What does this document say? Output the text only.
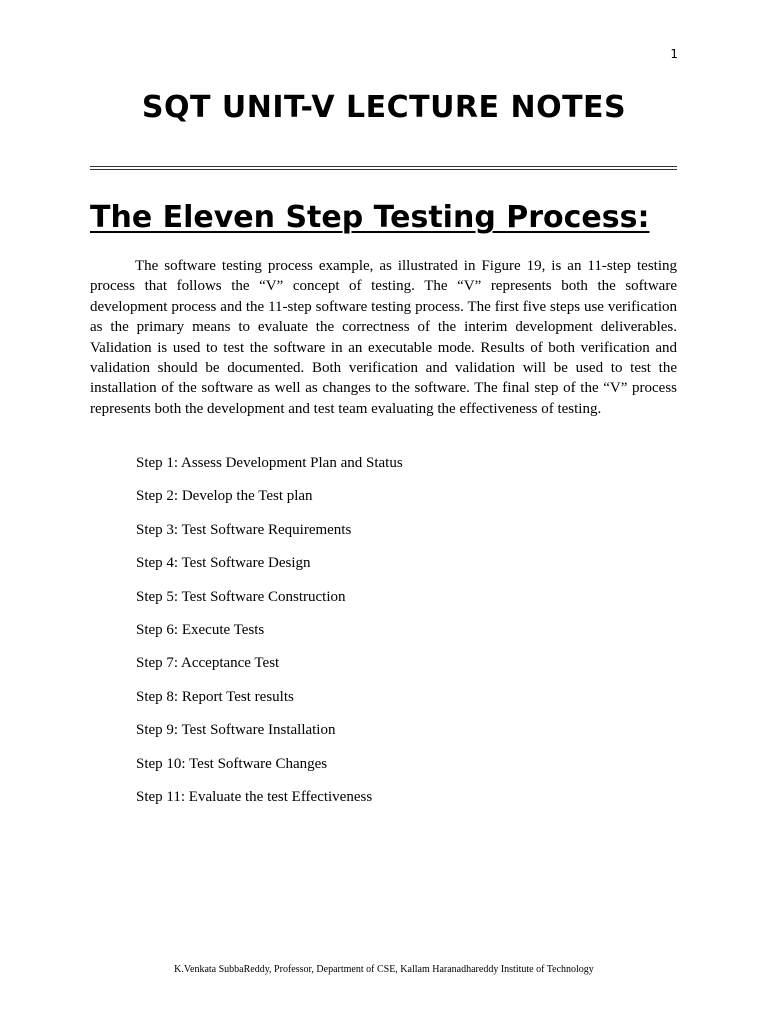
1
SQT UNIT-V LECTURE NOTES
The Eleven Step Testing Process:

The software testing process example, as illustrated in Figure 19, is an 11-step testing process that follows the “V” concept of testing. The “V” represents both the software development process and the 11-step software testing process. The first five steps use verification as the primary means to evaluate the correctness of the interim development deliverables. Validation is used to test the software in an executable mode. Results of both verification and validation should be documented. Both verification and validation will be used to test the installation of the software as well as changes to the software. The final step of the “V” process represents both the development and test team evaluating the effectiveness of testing.

Step 1: Assess Development Plan and Status
Step 2: Develop the Test plan
Step 3: Test Software Requirements
Step 4: Test Software Design
Step 5: Test Software Construction
Step 6: Execute Tests
Step 7: Acceptance Test
Step 8: Report Test results
Step 9: Test Software Installation
Step 10: Test Software Changes
Step 11: Evaluate the test Effectiveness
K.Venkata SubbaReddy, Professor, Department of CSE, Kallam Haranadhareddy Institute of Technology
